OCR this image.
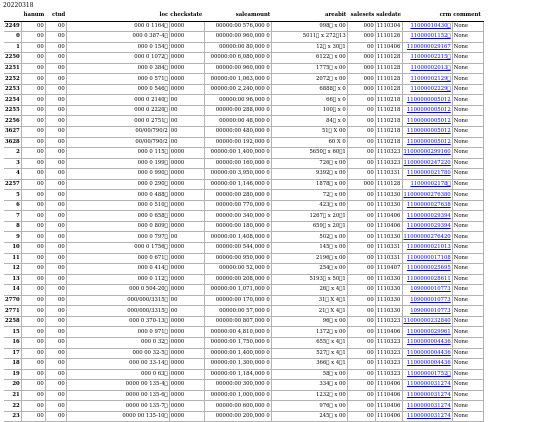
20220318
	hanum	ctnd	loc	checkstate	saleamount	areabit	salesets	saledate	crm	comment
2249	00	00	000 0 1164 	0000	00000:00 576,000 0	998  x 00	000	1110304	11000010430 	None
0	00	00	000 0 387-4 	0000	00000:00 960,000 0	5011  x 272 13	000	1110126	11000001152 	None
1	00	00	000 0 154 	0000	00000:00 80,000 0	12  x 30 1	00	1110406	1100000029167	None
2250	00	00	000 0 1072 	0000	00000:00 6,080,000 0	6122  x 00	000	1110128	11000002215 	None
2251	00	00	000 0 384 	0000	00000:00 960,000 0	1775  x 00	000	1110128	11000002013 	None
2252	00	00	000 0 571 	0000	00000:00 1,063,000 0	2072  x 00	000	1110128	11000002129 	None
2253	00	00	000 0 546 	0000	00000:00 2,240,000 0	6888  x 0	000	1110128	11000002229 	None
2254	00	00	000 0 2140 	00	00000:00 96,000 0	66  x 0	00	1110218	1100000005012	None
2255	00	00	000 0 2220 	00	00000:00 288,000 0	100  x 0	00	1110218	1100000005012	None
2256	00	00	000 0 2751 	00	00000:00 48,000 0	84  x 0	00	1110218	1100000005012	None
3627	00	00	00/00/790/2	00	00000:00 480,000 0	51  X 00	00	1110218	1100000005012	None
3628	00	00	00/00/790/2	00	00000:00 192,000 0	60 X 0	00	1110218	1100000005012	None
2	00	00	000 0 115 	0000	00000:00 1,400,000 0	5650  x 60 1	00	1110323	11000000299160	None
3	00	00	000 0 199 	0000	00000:00 160,000 0	726  x 00	00	1110323	11000000247220	None
4	00	00	000 0 990 	0000	00000:00 3,950,000 0	9392  x 00	00	1110331	1100000021780	None
2257	00	00	000 0 290 	0000	00000:00 1,146,000 0	1878  x 00	000	1110128	11000002178 	None
5	00	00	000 0 488 	0000	00000:00 280,000 0	72  x 00	00	1110330	11000000276380	None
6	00	00	000 0 510 	0000	00000:00 770,000 0	423  x 00	00	1110330	1100000027638	None
7	00	00	000 0 658 	0000	00000:00 340,000 0	1267  x 20 1	00	1110406	1100000029394	None
8	00	00	000 0 809 	0000	00000:00 180,000 0	659  x 20 1	00	1110406	1100000029394	None
9	00	00	000 0 797 	00	00000:00 1,408,000 0	502  x 00	00	1110330	11000000276420	None
10	00	00	000 0 1756 	0000	00000:00 544,000 0	145  x 00	00	1110331	1100000021013	None
11	00	00	000 0 671 	0000	00000:00 950,000 0	2196  x 00	00	1110331	1100000017108	None
12	00	00	000 0 414 	0000	00000:00 52,000 0	254  x 00	00	1110407	1100000025695	None
13	00	00	000 0 112 	0000	00000:00 208,000 0	5193  x 50 1	00	1110330	1100000028611	None
14	00	00	000 0 504-20 	0000	00000:00 1,071,000 0	26  x 4 1	00	1110330	109000010773	None
2770	00	00	000/000/3315 	00	00000:00 170,000 0	31  X 4 1	00	1110330	109000010773	None
2771	00	00	000/000/3315 	00	00000:00 57,000 0	21  X 4 1	00	1110330	109000010773	None
2258	00	00	000 0 370-13 	0000	00000:00 807,000 0	96  x 00	00	1110323	11000000232840	None
15	00	00	000 0 971 	0000	00000:00 4,810,000 0	1372  x 00	00	1110406	1100000029961	None
16	00	00	000 0 32 	0000	00000:00 1,750,000 0	655  x 4 1	00	1110323	1100000004436	None
17	00	00	000 00 32-5 	0000	00000:00 1,400,000 0	527  x 4 1	00	1110323	1100000004436	None
18	00	00	000 00 33-14 	0000	00000:00 1,300,000 0	366  x 4 1	00	1110323	1100000004436	None
19	00	00	000 0 63 	0000	00000:00 1,184,000 0	58  x 00	00	1110323	110000001752 	None
20	00	00	0000 00 135-4 	0000	00000:00 300,000 0	334  x 00	00	1110406	1100000031274	None
21	00	00	0000 00 135-6 	0000	00000:00 1,000,000 0	1232  x 00	00	1110406	1100000031274	None
22	00	00	0000 00 135-7 	0000	00000:00 600,000 0	976  x 00	00	1110406	1100000031274	None
23	00	00	0000 00 135-10 	0000	00000:00 200,000 0	245  x 00	00	1110406	1100000031274	None
